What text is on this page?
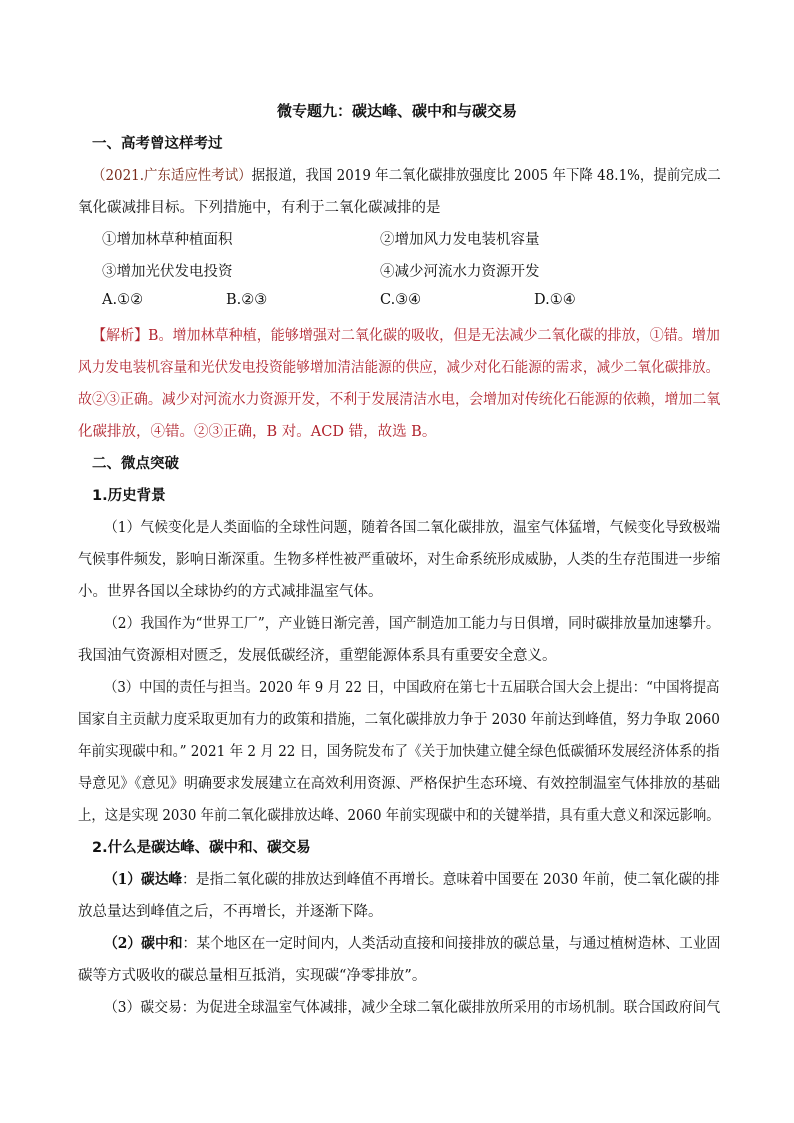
微专题九：碳达峰、碳中和与碳交易
一、高考曾这样考过
（2021.广东适应性考试）据报道，我国 2019 年二氧化碳排放强度比 2005 年下降 48.1%，提前完成二
氧化碳减排目标。下列措施中，有利于二氧化碳减排的是
①增加林草种植面积	②增加风力发电装机容量
③增加光伏发电投资	④减少河流水力资源开发
A.①②	B.②③	C.③④	D.①④
【解析】B。增加林草种植，能够增强对二氧化碳的吸收，但是无法减少二氧化碳的排放，①错。增加
风力发电装机容量和光伏发电投资能够增加清洁能源的供应，减少对化石能源的需求，减少二氧化碳排放。
故②③正确。减少对河流水力资源开发，不利于发展清洁水电，会增加对传统化石能源的依赖，增加二氧
化碳排放，④错。②③正确，B 对。ACD 错，故选 B。
二、微点突破
1.历史背景
（1）气候变化是人类面临的全球性问题，随着各国二氧化碳排放，温室气体猛增，气候变化导致极端
气候事件频发，影响日渐深重。生物多样性被严重破坏，对生命系统形成威胁，人类的生存范围进一步缩
小。世界各国以全球协约的方式减排温室气体。
（2）我国作为“世界工厂”，产业链日渐完善，国产制造加工能力与日俱增，同时碳排放量加速攀升。
我国油气资源相对匮乏，发展低碳经济，重塑能源体系具有重要安全意义。
（3）中国的责任与担当。2020 年 9 月 22 日，中国政府在第七十五届联合国大会上提出：“中国将提高
国家自主贡献力度采取更加有力的政策和措施，二氧化碳排放力争于 2030 年前达到峰值，努力争取 2060
年前实现碳中和。” 2021 年 2 月 22 日，国务院发布了《关于加快建立健全绿色低碳循环发展经济体系的指
导意见》《意见》明确要求发展建立在高效利用资源、严格保护生态环境、有效控制温室气体排放的基础
上，这是实现 2030 年前二氧化碳排放达峰、2060 年前实现碳中和的关键举措，具有重大意义和深远影响。
2.什么是碳达峰、碳中和、碳交易
（1）碳达峰：是指二氧化碳的排放达到峰值不再增长。意味着中国要在 2030 年前，使二氧化碳的排
放总量达到峰值之后，不再增长，并逐渐下降。
（2）碳中和：某个地区在一定时间内，人类活动直接和间接排放的碳总量，与通过植树造林、工业固
碳等方式吸收的碳总量相互抵消，实现碳“净零排放”。
（3）碳交易：为促进全球温室气体减排，减少全球二氧化碳排放所采用的市场机制。联合国政府间气
